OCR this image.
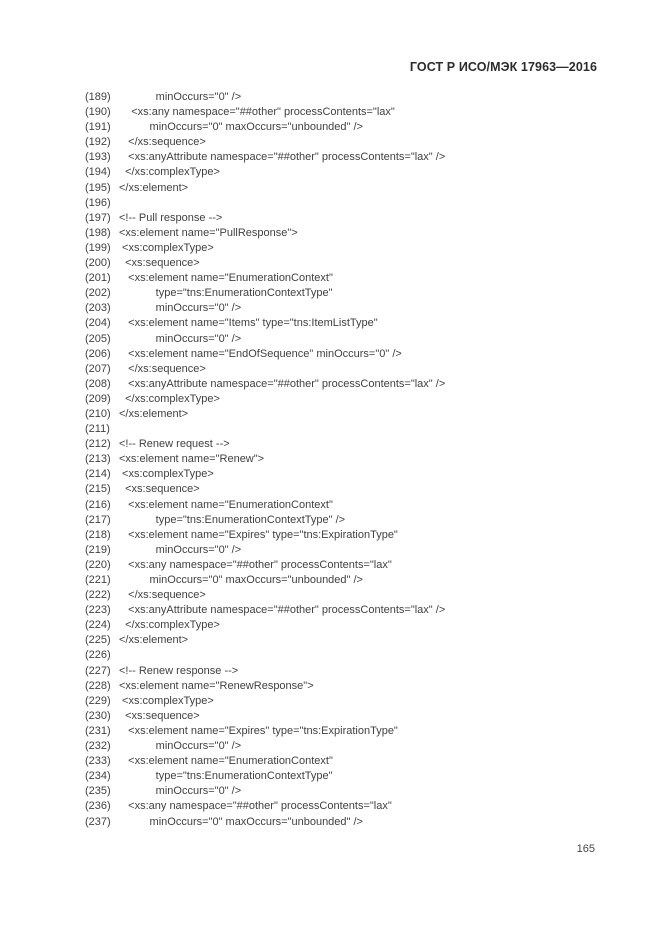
ГОСТ Р ИСО/МЭК 17963—2016
(189) minOccurs="0" />
(190) <xs:any namespace="##other" processContents="lax"
(191) minOccurs="0" maxOccurs="unbounded" />
(192) </xs:sequence>
(193) <xs:anyAttribute namespace="##other" processContents="lax" />
(194) </xs:complexType>
(195) </xs:element>
(196)
(197) <!-- Pull response -->
(198) <xs:element name="PullResponse">
(199) <xs:complexType>
(200) <xs:sequence>
(201) <xs:element name="EnumerationContext"
(202) type="tns:EnumerationContextType"
(203) minOccurs="0" />
(204) <xs:element name="Items" type="tns:ItemListType"
(205) minOccurs="0" />
(206) <xs:element name="EndOfSequence" minOccurs="0" />
(207) </xs:sequence>
(208) <xs:anyAttribute namespace="##other" processContents="lax" />
(209) </xs:complexType>
(210) </xs:element>
(211)
(212) <!-- Renew request -->
(213) <xs:element name="Renew">
(214) <xs:complexType>
(215) <xs:sequence>
(216) <xs:element name="EnumerationContext"
(217) type="tns:EnumerationContextType" />
(218) <xs:element name="Expires" type="tns:ExpirationType"
(219) minOccurs="0" />
(220) <xs:any namespace="##other" processContents="lax"
(221) minOccurs="0" maxOccurs="unbounded" />
(222) </xs:sequence>
(223) <xs:anyAttribute namespace="##other" processContents="lax" />
(224) </xs:complexType>
(225) </xs:element>
(226)
(227) <!-- Renew response -->
(228) <xs:element name="RenewResponse">
(229) <xs:complexType>
(230) <xs:sequence>
(231) <xs:element name="Expires" type="tns:ExpirationType"
(232) minOccurs="0" />
(233) <xs:element name="EnumerationContext"
(234) type="tns:EnumerationContextType"
(235) minOccurs="0" />
(236) <xs:any namespace="##other" processContents="lax"
(237) minOccurs="0" maxOccurs="unbounded" />
165
